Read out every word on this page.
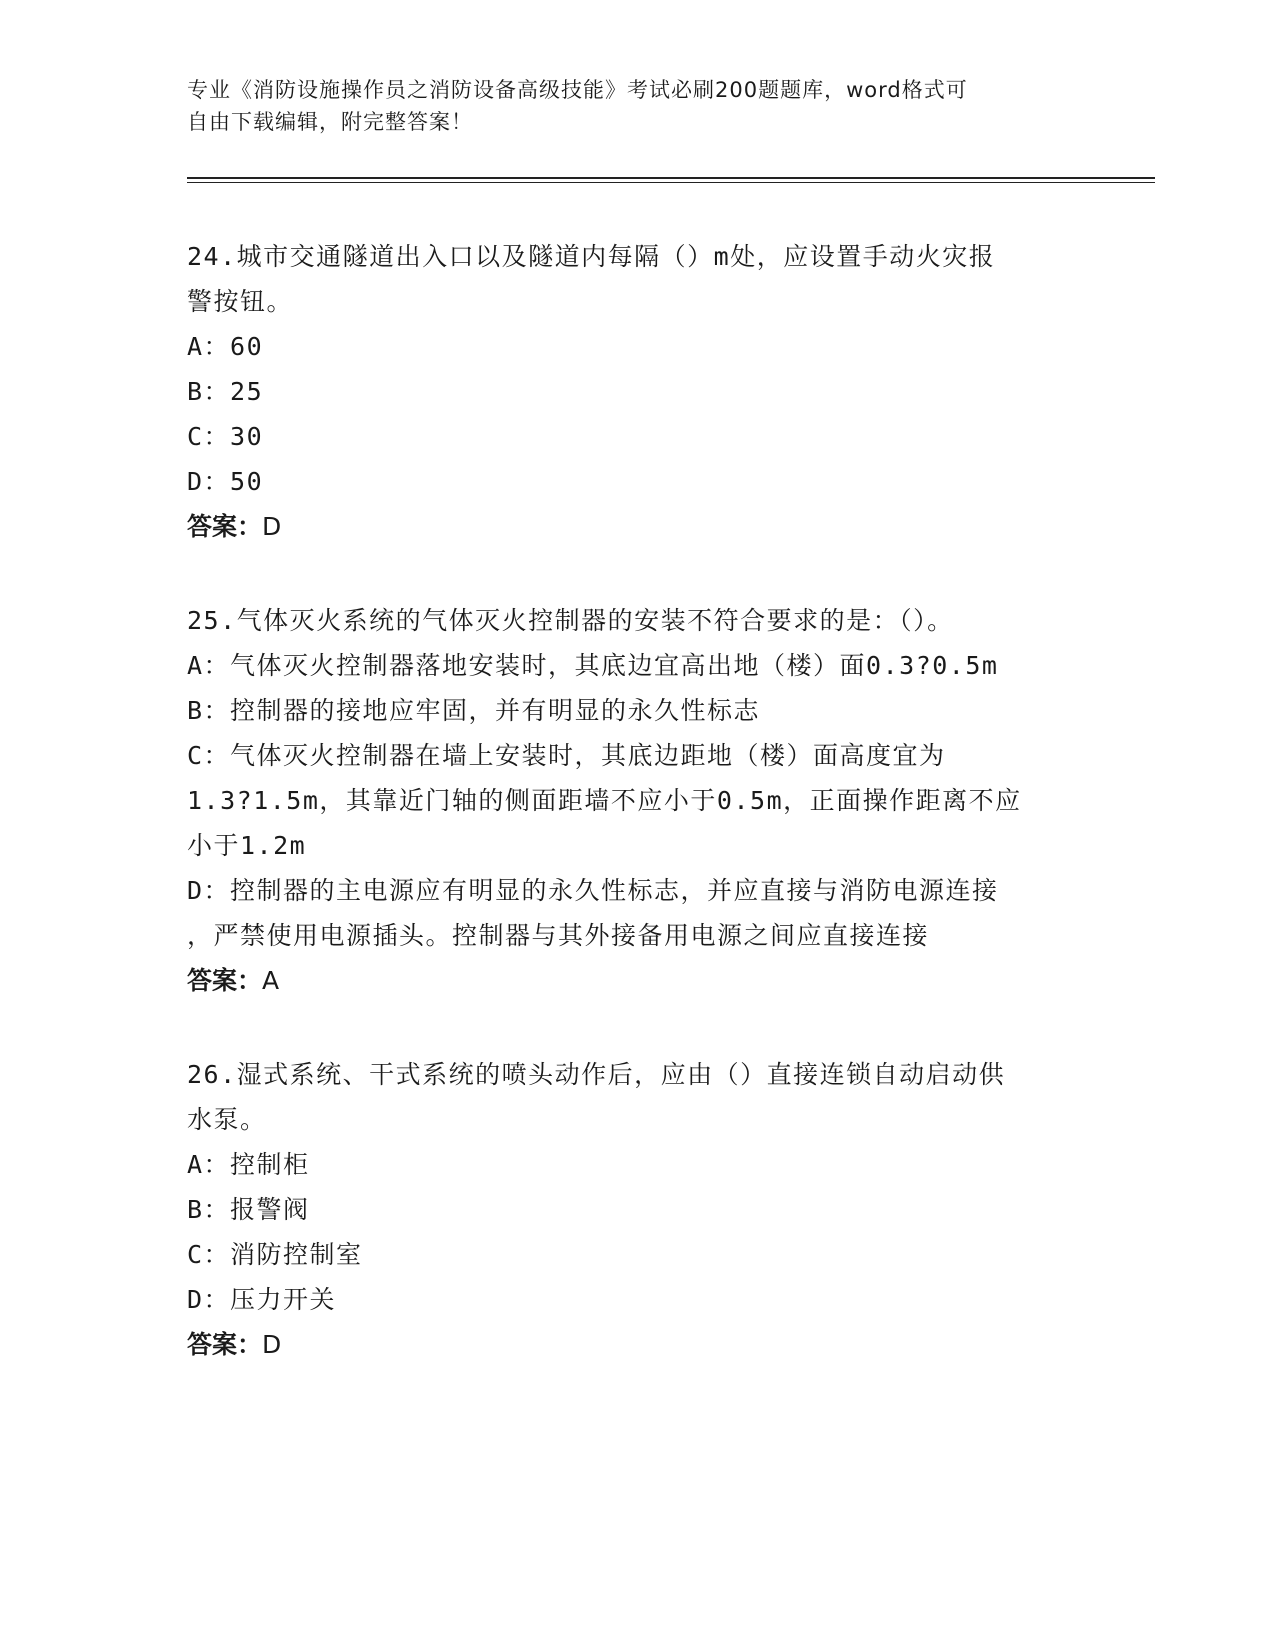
专业《消防设施操作员之消防设备高级技能》考试必刷200题题库，word格式可
自由下载编辑，附完整答案！
24.城市交通隧道出入口以及隧道内每隔（）m处，应设置手动火灾报
警按钮。
A：60
B：25
C：30
D：50
答案：D
25.气体灭火系统的气体灭火控制器的安装不符合要求的是：（）。
A：气体灭火控制器落地安装时，其底边宜高出地（楼）面0.3?0.5m
B：控制器的接地应牢固，并有明显的永久性标志
C：气体灭火控制器在墙上安装时，其底边距地（楼）面高度宜为
1.3?1.5m，其靠近门轴的侧面距墙不应小于0.5m，正面操作距离不应
小于1.2m
D：控制器的主电源应有明显的永久性标志，并应直接与消防电源连接
，严禁使用电源插头。控制器与其外接备用电源之间应直接连接
答案：A
26.湿式系统、干式系统的喷头动作后，应由（）直接连锁自动启动供
水泵。
A：控制柜
B：报警阀
C：消防控制室
D：压力开关
答案：D
